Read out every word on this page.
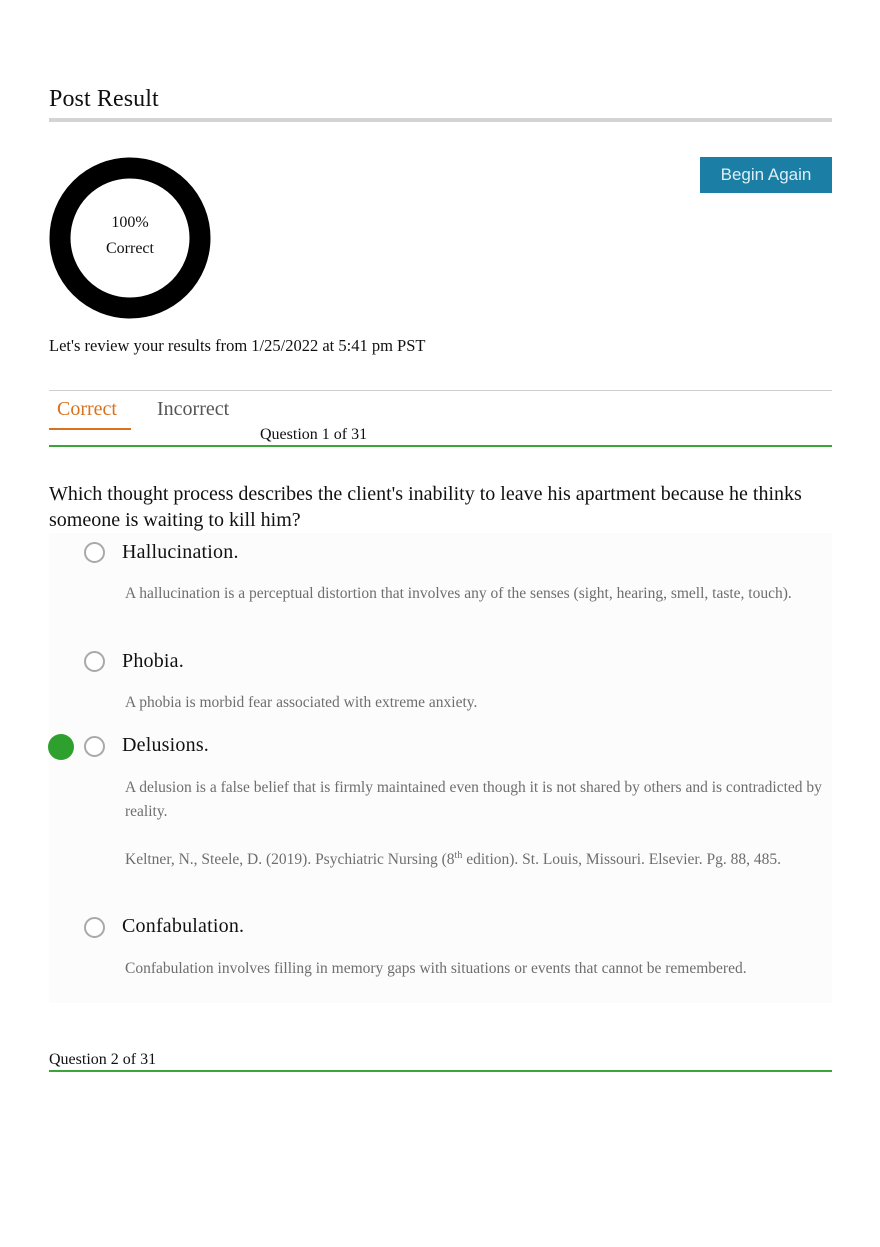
Post Result
100%
Correct
Begin Again
Let's review your results from 1/25/2022 at 5:41 pm PST
Correct Incorrect
Question 1 of 31
Which thought process describes the client's inability to leave his apartment because he thinks someone is waiting to kill him?
Hallucination.
A hallucination is a perceptual distortion that involves any of the senses (sight, hearing, smell, taste, touch).
Phobia.
A phobia is morbid fear associated with extreme anxiety.
Delusions.
A delusion is a false belief that is firmly maintained even though it is not shared by others and is contradicted by reality.
Keltner, N., Steele, D. (2019). Psychiatric Nursing (8th edition). St. Louis, Missouri. Elsevier. Pg. 88, 485.
Confabulation.
Confabulation involves filling in memory gaps with situations or events that cannot be remembered.
Question 2 of 31
